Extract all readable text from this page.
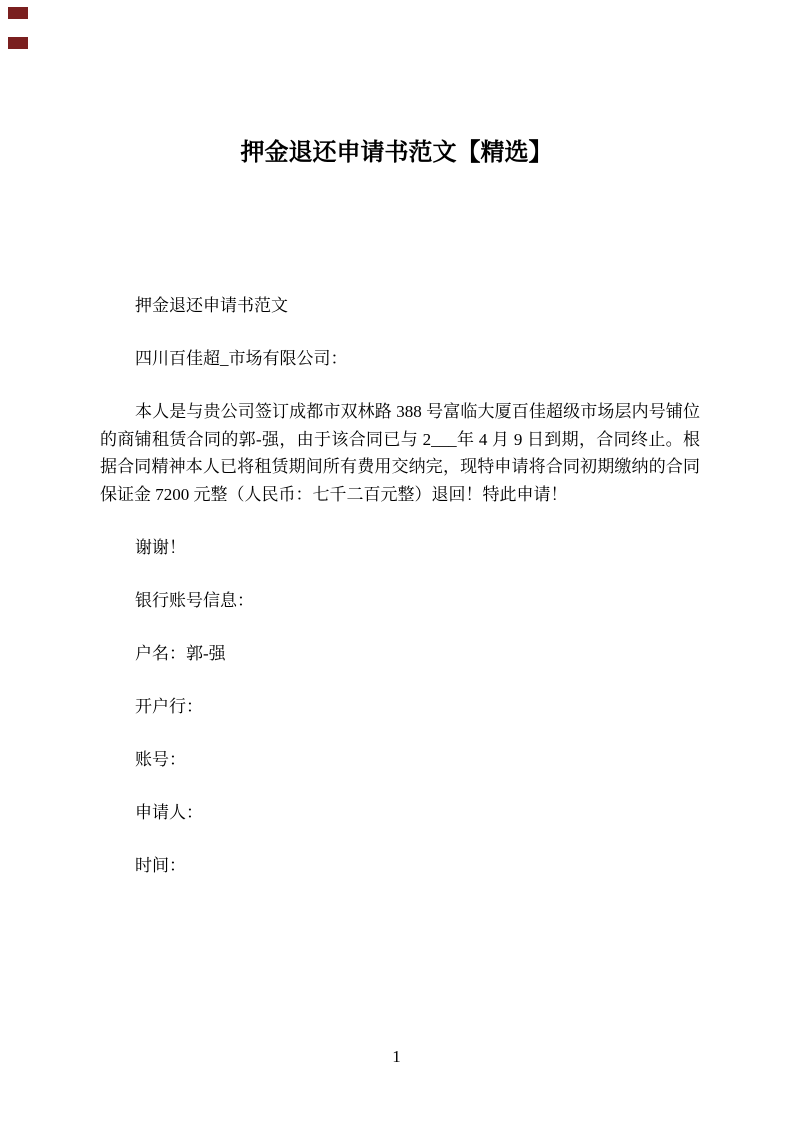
押金退还申请书范文【精选】

押金退还申请书范文

四川百佳超_市场有限公司：

本人是与贵公司签订成都市双林路 388 号富临大厦百佳超级市场层内号铺位的商铺租赁合同的郭-强，由于该合同已与 2___年 4 月 9 日到期，合同终止。根据合同精神本人已将租赁期间所有费用交纳完，现特申请将合同初期缴纳的合同保证金 7200 元整（人民币：七千二百元整）退回！特此申请！

谢谢！

银行账号信息：

户名：郭-强

开户行：

账号：

申请人：

时间：

1
